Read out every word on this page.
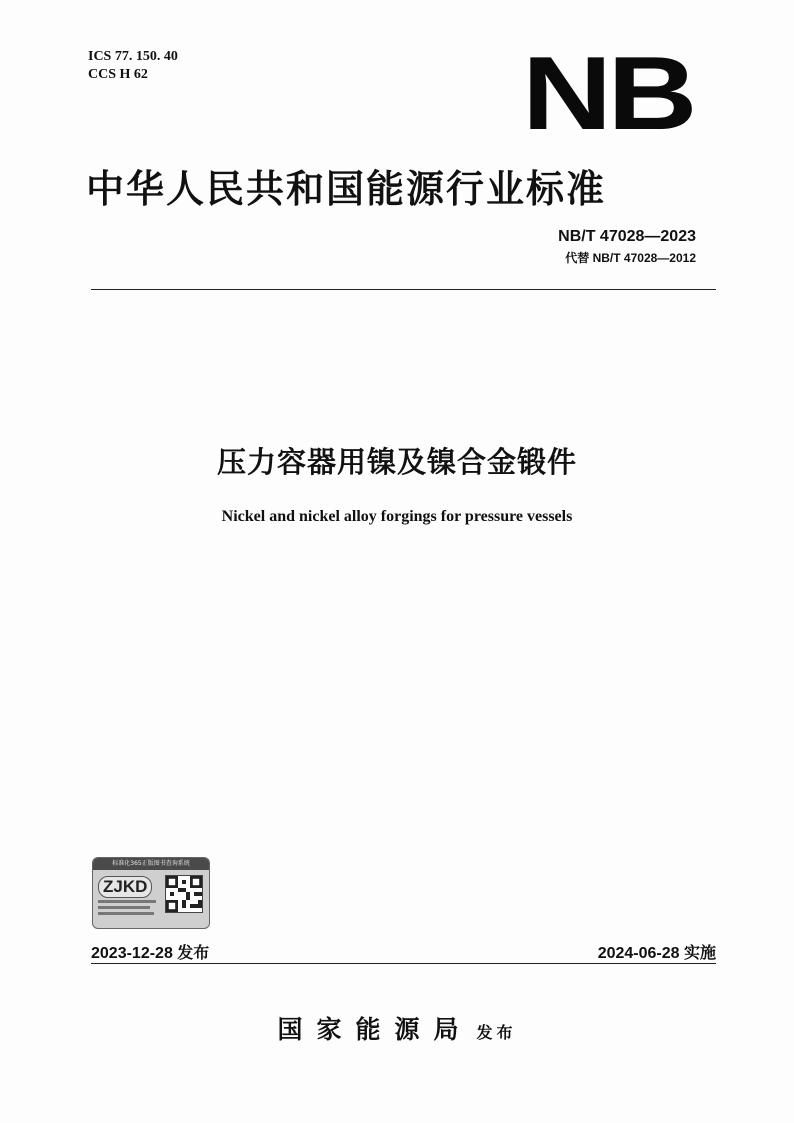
ICS 77. 150. 40
CCS H 62	NB
中华人民共和国能源行业标准
NB/T 47028—2023
代替 NB/T 47028—2012
压力容器用镍及镍合金锻件
Nickel and nickel alloy forgings for pressure vessels
标准化365正版图书查询系统
ZJKD
2023-12-28 发布	2024-06-28 实施
国家能源局 发布
